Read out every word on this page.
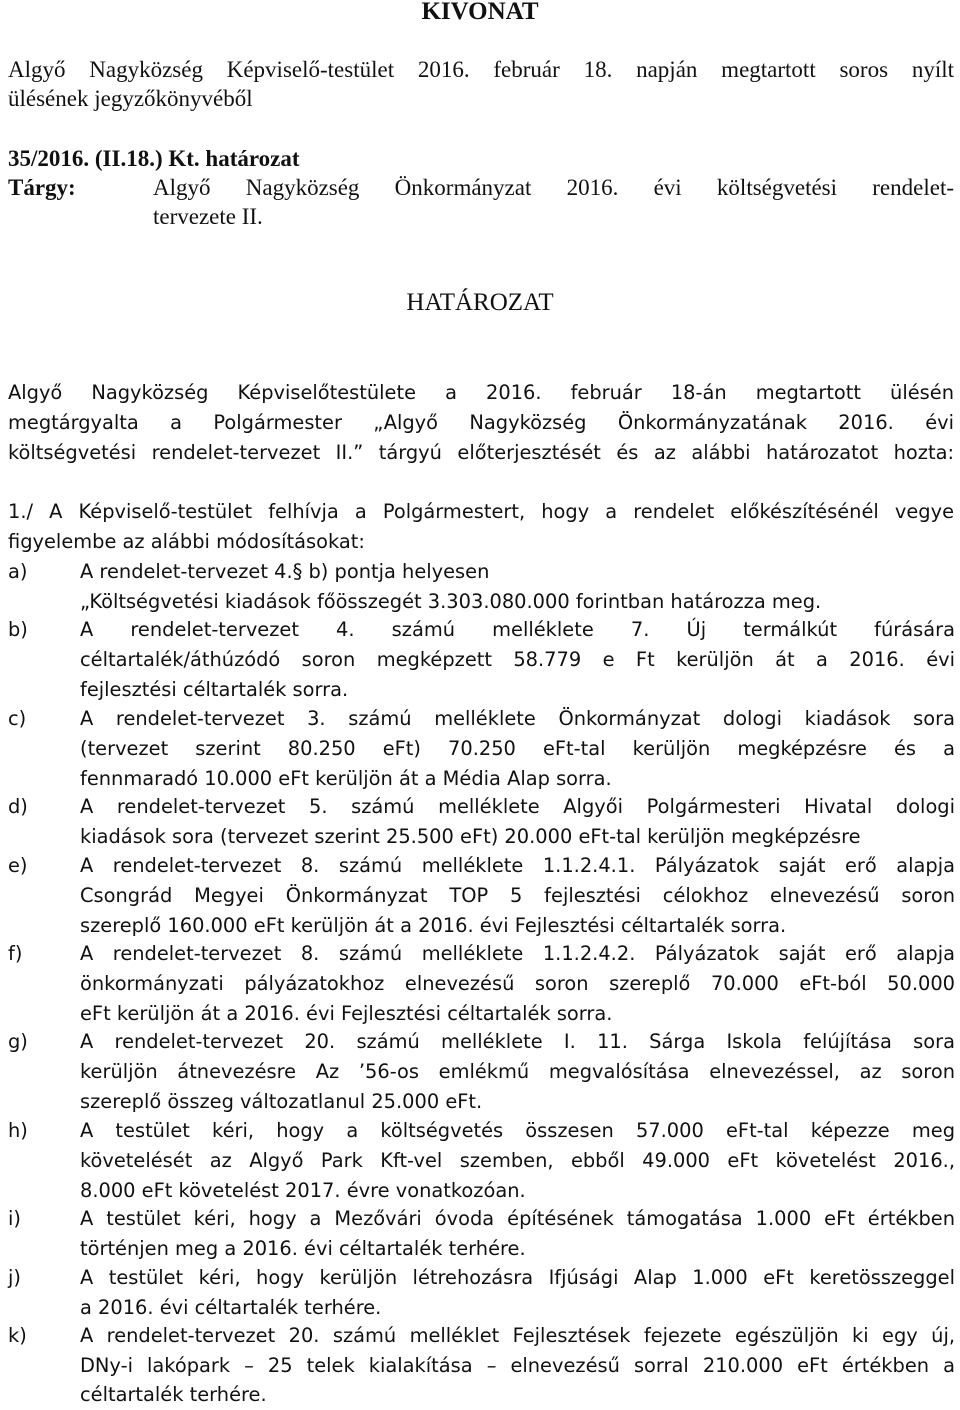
KIVONAT
Algyő Nagyközség Képviselő-testület 2016. február 18. napján megtartott soros nyílt
ülésének jegyzőkönyvéből
35/2016. (II.18.) Kt. határozat
Tárgy:	Algyő Nagyközség Önkormányzat 2016. évi költségvetési rendelet-
tervezete II.
HATÁROZAT
Algyő Nagyközség Képviselőtestülete a 2016. február 18-án megtartott ülésén
megtárgyalta a Polgármester „Algyő Nagyközség Önkormányzatának 2016. évi
költségvetési rendelet-tervezet II.” tárgyú előterjesztését és az alábbi határozatot hozta:
1./ A Képviselő-testület felhívja a Polgármestert, hogy a rendelet előkészítésénél vegye
figyelembe az alábbi módosításokat:
a)	A rendelet-tervezet 4.§ b) pontja helyesen
„Költségvetési kiadások főösszegét 3.303.080.000 forintban határozza meg.
b)	A rendelet-tervezet 4. számú melléklete 7. Új termálkút fúrására
céltartalék/áthúzódó soron megképzett 58.779 e Ft kerüljön át a 2016. évi
fejlesztési céltartalék sorra.
c)	A rendelet-tervezet 3. számú melléklete Önkormányzat dologi kiadások sora
(tervezet szerint 80.250 eFt) 70.250 eFt-tal kerüljön megképzésre és a
fennmaradó 10.000 eFt kerüljön át a Média Alap sorra.
d)	A rendelet-tervezet 5. számú melléklete Algyői Polgármesteri Hivatal dologi
kiadások sora (tervezet szerint 25.500 eFt) 20.000 eFt-tal kerüljön megképzésre
e)	A rendelet-tervezet 8. számú melléklete 1.1.2.4.1. Pályázatok saját erő alapja
Csongrád Megyei Önkormányzat TOP 5 fejlesztési célokhoz elnevezésű soron
szereplő 160.000 eFt kerüljön át a 2016. évi Fejlesztési céltartalék sorra.
f)	A rendelet-tervezet 8. számú melléklete 1.1.2.4.2. Pályázatok saját erő alapja
önkormányzati pályázatokhoz elnevezésű soron szereplő 70.000 eFt-ból 50.000
eFt kerüljön át a 2016. évi Fejlesztési céltartalék sorra.
g)	A rendelet-tervezet 20. számú melléklete I. 11. Sárga Iskola felújítása sora
kerüljön átnevezésre Az ’56-os emlékmű megvalósítása elnevezéssel, az soron
szereplő összeg változatlanul 25.000 eFt.
h)	A testület kéri, hogy a költségvetés összesen 57.000 eFt-tal képezze meg
követelését az Algyő Park Kft-vel szemben, ebből 49.000 eFt követelést 2016.,
8.000 eFt követelést 2017. évre vonatkozóan.
i)	A testület kéri, hogy a Mezővári óvoda építésének támogatása 1.000 eFt értékben
történjen meg a 2016. évi céltartalék terhére.
j)	A testület kéri, hogy kerüljön létrehozásra Ifjúsági Alap 1.000 eFt keretösszeggel
a 2016. évi céltartalék terhére.
k)	A rendelet-tervezet 20. számú melléklet Fejlesztések fejezete egészüljön ki egy új,
DNy-i lakópark – 25 telek kialakítása – elnevezésű sorral 210.000 eFt értékben a
céltartalék terhére.
